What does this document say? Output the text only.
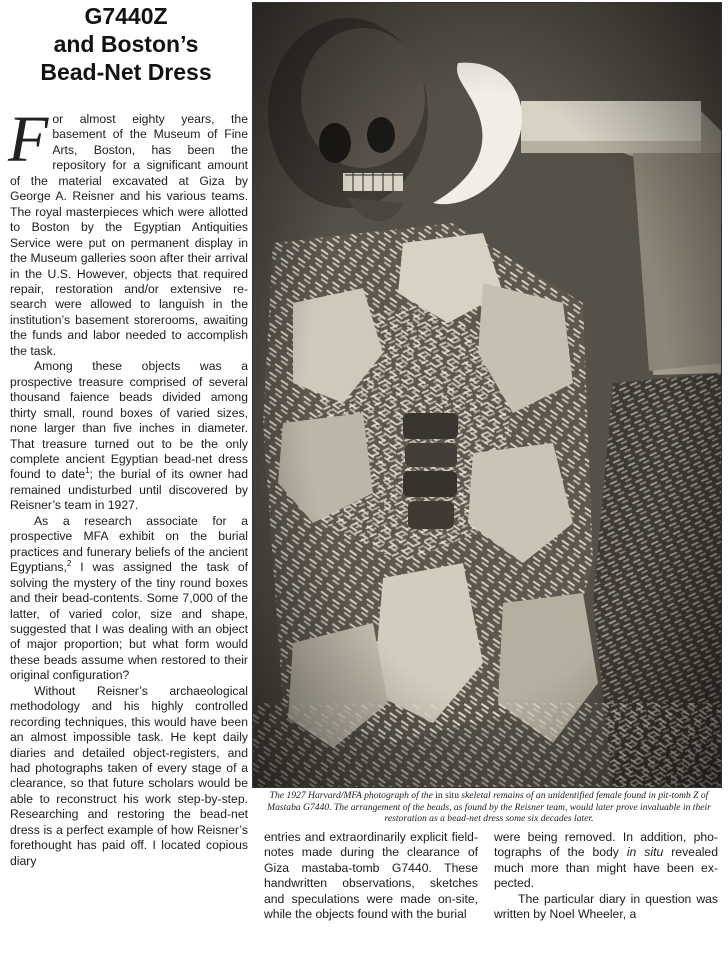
G7440Z
and Boston’s
Bead-Net Dress

For almost eighty years, the basement of the Museum of Fine Arts, Boston, has been the repository for a significant amount of the material excavated at Giza by George A. Reisner and his various teams. The royal masterpieces which were allotted to Boston by the Egyptian Antiquities Service were put on permanent display in the Museum galleries soon after their arrival in the U.S. However, objects that required repair, restoration and/or extensive research were allowed to languish in the institution’s basement storerooms, awaiting the funds and labor needed to accomplish the task.

Among these objects was a prospective treasure comprised of several thousand faience beads divided among thirty small, round boxes of varied sizes, none larger than five inches in diameter. That treasure turned out to be the only complete ancient Egyptian bead-net dress found to date$^1$; the burial of its owner had remained undisturbed until discovered by Reisner’s team in 1927.

As a research associate for a prospective MFA exhibit on the burial practices and funerary beliefs of the ancient Egyptians,$^2$ I was assigned the task of solving the mystery of the tiny round boxes and their bead-contents. Some 7,000 of the latter, of varied color, size and shape, suggested that I was dealing with an object of major proportion; but what form would these beads assume when restored to their original configuration?

Without Reisner’s archaeological methodology and his highly controlled recording techniques, this would have been an almost impossible task. He kept daily diaries and detailed object-registers, and had photographs taken of every stage of a clearance, so that future scholars would be able to reconstruct his work step-by-step. Researching and restoring the bead-net dress is a perfect example of how Reisner’s forethought has paid off. I located copious diary

The 1927 Harvard/MFA photograph of the in situ skeletal remains of an unidentified female found in pit-tomb Z of Mastaba G7440. The arrangement of the beads, as found by the Reisner team, would later prove invaluable in their restoration as a bead-net dress some six decades later.

entries and extraordinarily explicit field-notes made during the clearance of Giza mastaba-tomb G7440. These handwritten observations, sketches and speculations were made on-site, while the objects found with the burial

were being removed. In addition, photographs of the body in situ revealed much more than might have been expected.

The particular diary in question was written by Noel Wheeler, a
